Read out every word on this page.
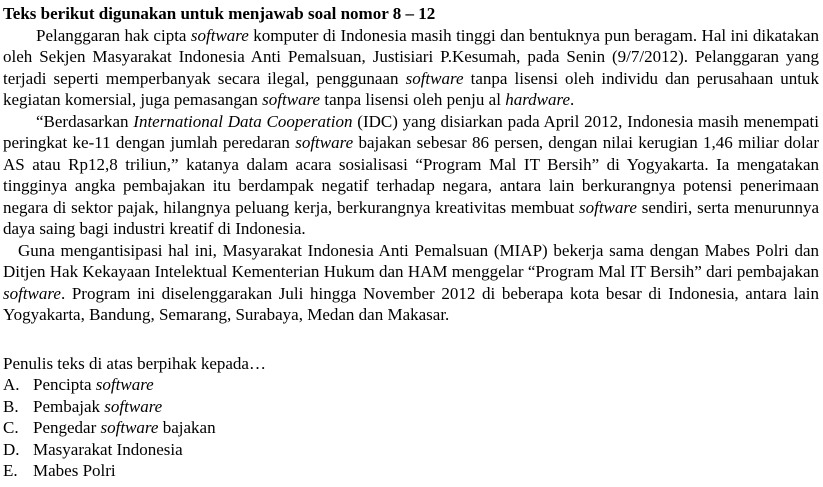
Teks berikut digunakan untuk menjawab soal nomor 8 – 12

Pelanggaran hak cipta software komputer di Indonesia masih tinggi dan bentuknya pun beragam. Hal ini dikatakan oleh Sekjen Masyarakat Indonesia Anti Pemalsuan, Justisiari P.Kesumah, pada Senin (9/7/2012). Pelanggaran yang terjadi seperti memperbanyak secara ilegal, penggunaan software tanpa lisensi oleh individu dan perusahaan untuk kegiatan komersial, juga pemasangan software tanpa lisensi oleh penju al hardware.

“Berdasarkan International Data Cooperation (IDC) yang disiarkan pada April 2012, Indonesia masih menempati peringkat ke-11 dengan jumlah peredaran software bajakan sebesar 86 persen, dengan nilai kerugian 1,46 miliar dolar AS atau Rp12,8 triliun,” katanya dalam acara sosialisasi “Program Mal IT Bersih” di Yogyakarta. Ia mengatakan tingginya angka pembajakan itu berdampak negatif terhadap negara, antara lain berkurangnya potensi penerimaan negara di sektor pajak, hilangnya peluang kerja, berkurangnya kreativitas membuat software sendiri, serta menurunnya daya saing bagi industri kreatif di Indonesia.

Guna mengantisipasi hal ini, Masyarakat Indonesia Anti Pemalsuan (MIAP) bekerja sama dengan Mabes Polri dan Ditjen Hak Kekayaan Intelektual Kementerian Hukum dan HAM menggelar “Program Mal IT Bersih” dari pembajakan software. Program ini diselenggarakan Juli hingga November 2012 di beberapa kota besar di Indonesia, antara lain Yogyakarta, Bandung, Semarang, Surabaya, Medan dan Makasar.

Penulis teks di atas berpihak kepada…
A. Pencipta software
B. Pembajak software
C. Pengedar software bajakan
D. Masyarakat Indonesia
E. Mabes Polri
